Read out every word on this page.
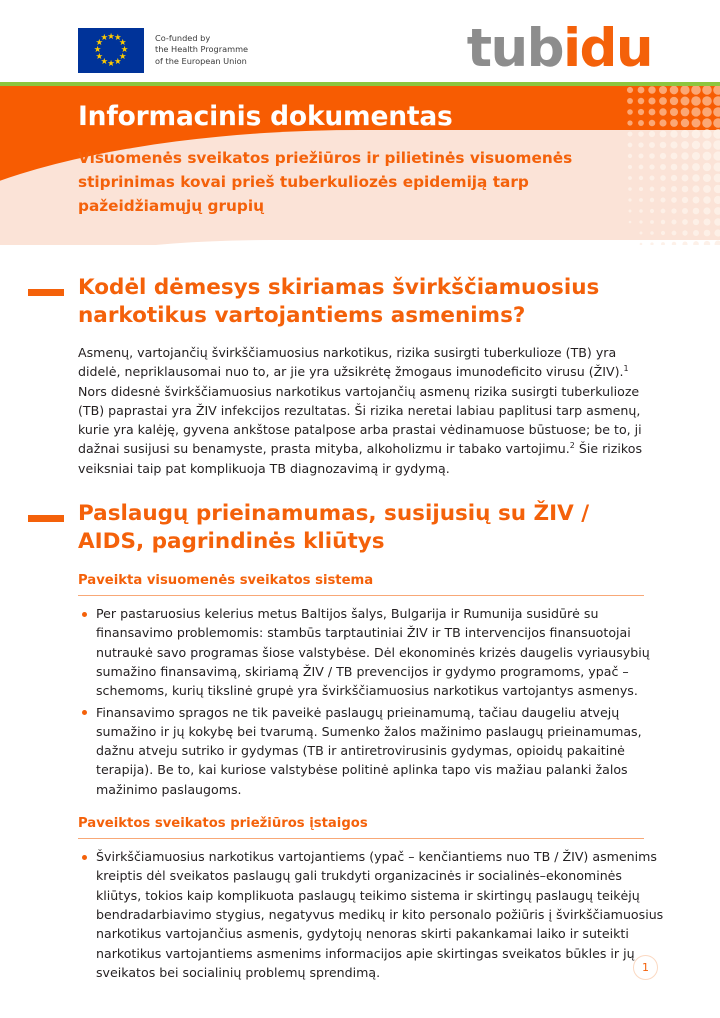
★ ★
★
★
★
★
★
★
★
★
★
★	Co-funded by
the Health Programme
of the European Union	tubidu
Informacinis dokumentas
Visuomenės sveikatos priežiūros ir pilietinės visuomenės stiprinimas kovai prieš tuberkuliozės epidemiją tarp pažeidžiamųjų grupių
Kodėl dėmesys skiriamas švirkščiamuosius narkotikus vartojantiems asmenims?

Asmenų, vartojančių švirkščiamuosius narkotikus, rizika susirgti tuberkulioze (TB) yra didelė, nepriklausomai nuo to, ar jie yra užsikrėtę žmogaus imunodeficito virusu (ŽIV).$^1$ Nors didesnė švirkščiamuosius narkotikus vartojančių asmenų rizika susirgti tuberkulioze (TB) paprastai yra ŽIV infekcijos rezultatas. Ši rizika neretai labiau paplitusi tarp asmenų, kurie yra kalėję, gyvena ankštose patalpose arba prastai vėdinamuose būstuose; be to, ji dažnai susijusi su benamyste, prasta mityba, alkoholizmu ir tabako vartojimu.$^2$ Šie rizikos veiksniai taip pat komplikuoja TB diagnozavimą ir gydymą.

Paslaugų prieinamumas, susijusių su ŽIV / AIDS, pagrindinės kliūtys
Paveikta visuomenės sveikatos sistema
Per pastaruosius kelerius metus Baltijos šalys, Bulgarija ir Rumunija susidūrė su finansavimo problemomis: stambūs tarptautiniai ŽIV ir TB intervencijos finansuotojai nutraukė savo programas šiose valstybėse. Dėl ekonominės krizės daugelis vyriausybių sumažino finansavimą, skiriamą ŽIV / TB prevencijos ir gydymo programoms, ypač – schemoms, kurių tikslinė grupė yra švirkščiamuosius narkotikus vartojantys asmenys.
Finansavimo spragos ne tik paveikė paslaugų prieinamumą, tačiau daugeliu atvejų sumažino ir jų kokybę bei tvarumą. Sumenko žalos mažinimo paslaugų prieinamumas, dažnu atveju sutriko ir gydymas (TB ir antiretrovirusinis gydymas, opioidų pakaitinė terapija). Be to, kai kuriose valstybėse politinė aplinka tapo vis mažiau palanki žalos mažinimo paslaugoms.
Paveiktos sveikatos priežiūros įstaigos
Švirkščiamuosius narkotikus vartojantiems (ypač – kenčiantiems nuo TB / ŽIV) asmenims kreiptis dėl sveikatos paslaugų gali trukdyti organizacinės ir socialinės–ekonominės kliūtys, tokios kaip komplikuota paslaugų teikimo sistema ir skirtingų paslaugų teikėjų bendradarbiavimo stygius, negatyvus medikų ir kito personalo požiūris į švirkščiamuosius narkotikus vartojančius asmenis, gydytojų nenoras skirti pakankamai laiko ir suteikti narkotikus vartojantiems asmenims informacijos apie skirtingas sveikatos būkles ir jų sveikatos bei socialinių problemų sprendimą.	1
